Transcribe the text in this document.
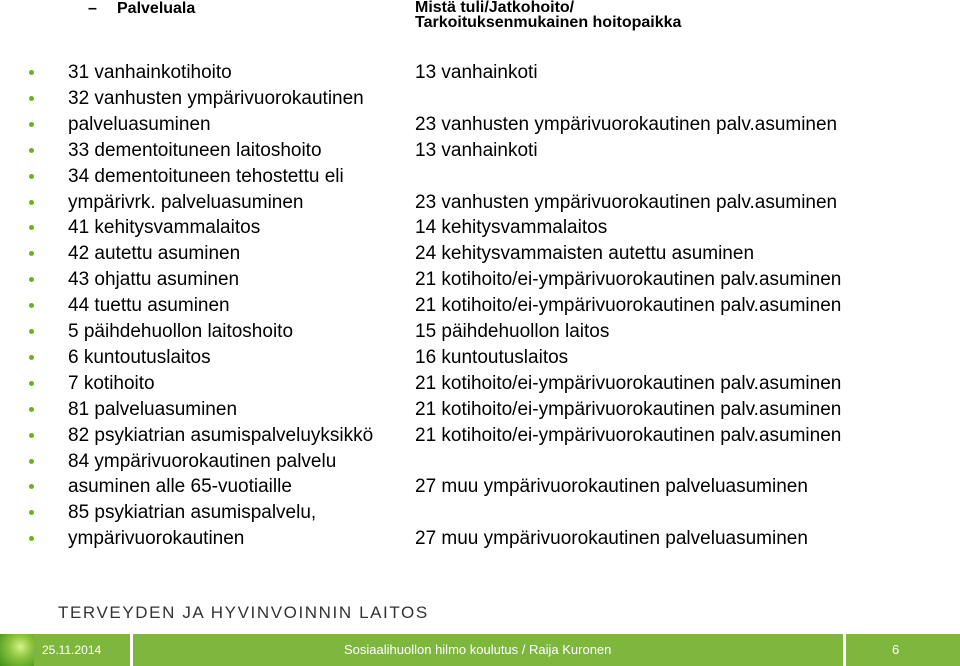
– Palveluala	Mistä tuli/Jatkohoito/
Tarkoituksenmukainen hoitopaikka
31 vanhainkotihoito	13 vanhainkoti
32 vanhusten ympärivuorokautinen
palveluasuminen	23 vanhusten ympärivuorokautinen palv.asuminen
33 dementoituneen laitoshoito	13 vanhainkoti
34 dementoituneen tehostettu eli
ympärivrk. palveluasuminen	23 vanhusten ympärivuorokautinen palv.asuminen
41 kehitysvammalaitos	14 kehitysvammalaitos
42 autettu asuminen	24 kehitysvammaisten autettu asuminen
43 ohjattu asuminen	21 kotihoito/ei-ympärivuorokautinen palv.asuminen
44 tuettu asuminen	21 kotihoito/ei-ympärivuorokautinen palv.asuminen
5 päihdehuollon laitoshoito	15 päihdehuollon laitos
6 kuntoutuslaitos	16 kuntoutuslaitos
7 kotihoito	21 kotihoito/ei-ympärivuorokautinen palv.asuminen
81 palveluasuminen	21 kotihoito/ei-ympärivuorokautinen palv.asuminen
82 psykiatrian asumispalveluyksikkö 21 kotihoito/ei-ympärivuorokautinen palv.asuminen
84 ympärivuorokautinen palvelu
asuminen alle 65-vuotiaille	27 muu ympärivuorokautinen palveluasuminen
85 psykiatrian asumispalvelu,
ympärivuorokautinen	27 muu ympärivuorokautinen palveluasuminen
TERVEYDEN JA HYVINVOINNIN LAITOS
25.11.2014	Sosiaalihuollon hilmo koulutus / Raija Kuronen	6
